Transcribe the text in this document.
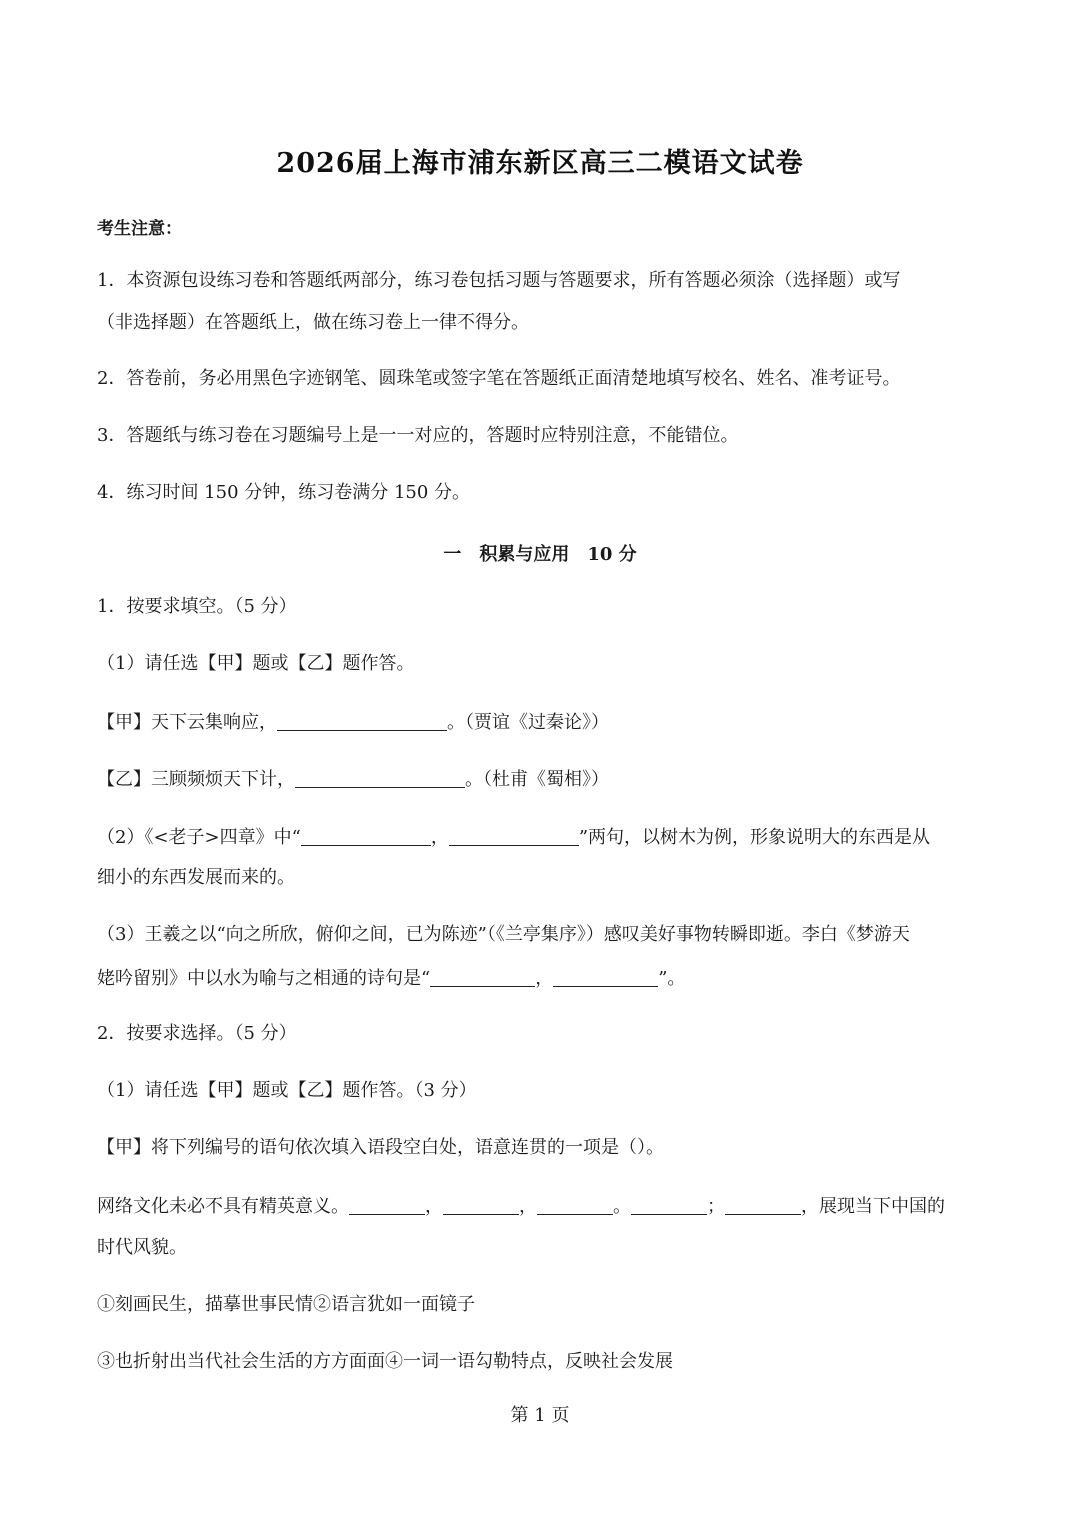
2026届上海市浦东新区高三二模语文试卷
考生注意：
1．本资源包设练习卷和答题纸两部分，练习卷包括习题与答题要求，所有答题必须涂（选择题）或写
（非选择题）在答题纸上，做在练习卷上一律不得分。
2．答卷前，务必用黑色字迹钢笔、圆珠笔或签字笔在答题纸正面清楚地填写校名、姓名、准考证号。
3．答题纸与练习卷在习题编号上是一一对应的，答题时应特别注意，不能错位。
4．练习时间 150 分钟，练习卷满分 150 分。
一　积累与应用　10 分
1．按要求填空。（5 分）
（1）请任选【甲】题或【乙】题作答。
【甲】天下云集响应，	。（贾谊《过秦论》）
【乙】三顾频烦天下计，	。（杜甫《蜀相》）
（2）《<老子>四章》中“	，	”两句，以树木为例，形象说明大的东西是从
细小的东西发展而来的。
（3）王羲之以“向之所欣，俯仰之间，已为陈迹”（《兰亭集序》）感叹美好事物转瞬即逝。李白《梦游天
姥吟留别》中以水为喻与之相通的诗句是“	，	”。
2．按要求选择。（5 分）
（1）请任选【甲】题或【乙】题作答。（3 分）
【甲】将下列编号的语句依次填入语段空白处，语意连贯的一项是（）。
网络文化未必不具有精英意义。	，	，	。	；	，展现当下中国的
时代风貌。
①刻画民生，描摹世事民情②语言犹如一面镜子
③也折射出当代社会生活的方方面面④一词一语勾勒特点，反映社会发展
第 1 页
